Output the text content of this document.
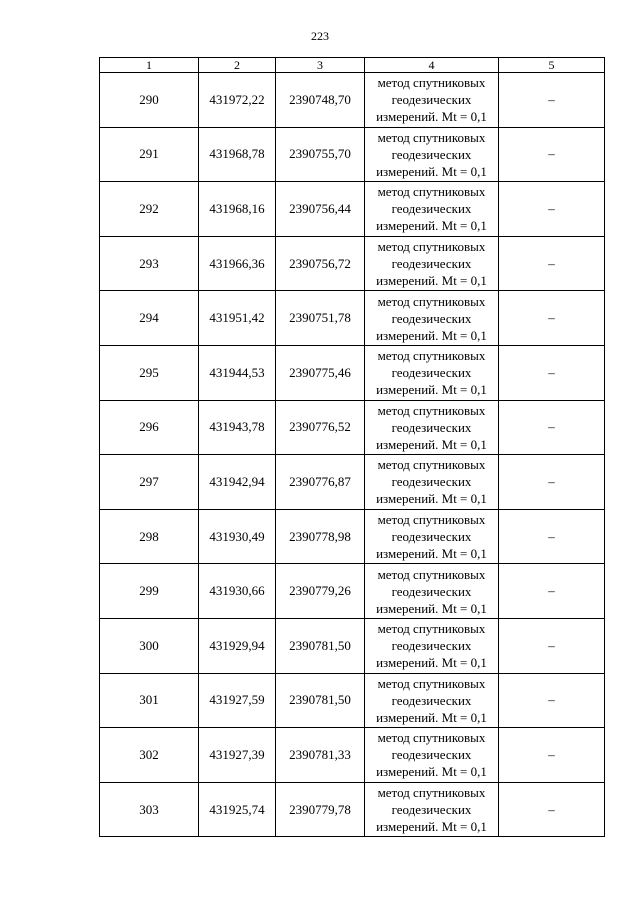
223
1	2	3	4	5
290	431972,22	2390748,70	метод спутниковых
геодезических
измерений. Mt = 0,1	–
291	431968,78	2390755,70	метод спутниковых
геодезических
измерений. Mt = 0,1	–
292	431968,16	2390756,44	метод спутниковых
геодезических
измерений. Mt = 0,1	–
293	431966,36	2390756,72	метод спутниковых
геодезических
измерений. Mt = 0,1	–
294	431951,42	2390751,78	метод спутниковых
геодезических
измерений. Mt = 0,1	–
295	431944,53	2390775,46	метод спутниковых
геодезических
измерений. Mt = 0,1	–
296	431943,78	2390776,52	метод спутниковых
геодезических
измерений. Mt = 0,1	–
297	431942,94	2390776,87	метод спутниковых
геодезических
измерений. Mt = 0,1	–
298	431930,49	2390778,98	метод спутниковых
геодезических
измерений. Mt = 0,1	–
299	431930,66	2390779,26	метод спутниковых
геодезических
измерений. Mt = 0,1	–
300	431929,94	2390781,50	метод спутниковых
геодезических
измерений. Mt = 0,1	–
301	431927,59	2390781,50	метод спутниковых
геодезических
измерений. Mt = 0,1	–
302	431927,39	2390781,33	метод спутниковых
геодезических
измерений. Mt = 0,1	–
303	431925,74	2390779,78	метод спутниковых
геодезических
измерений. Mt = 0,1	–
